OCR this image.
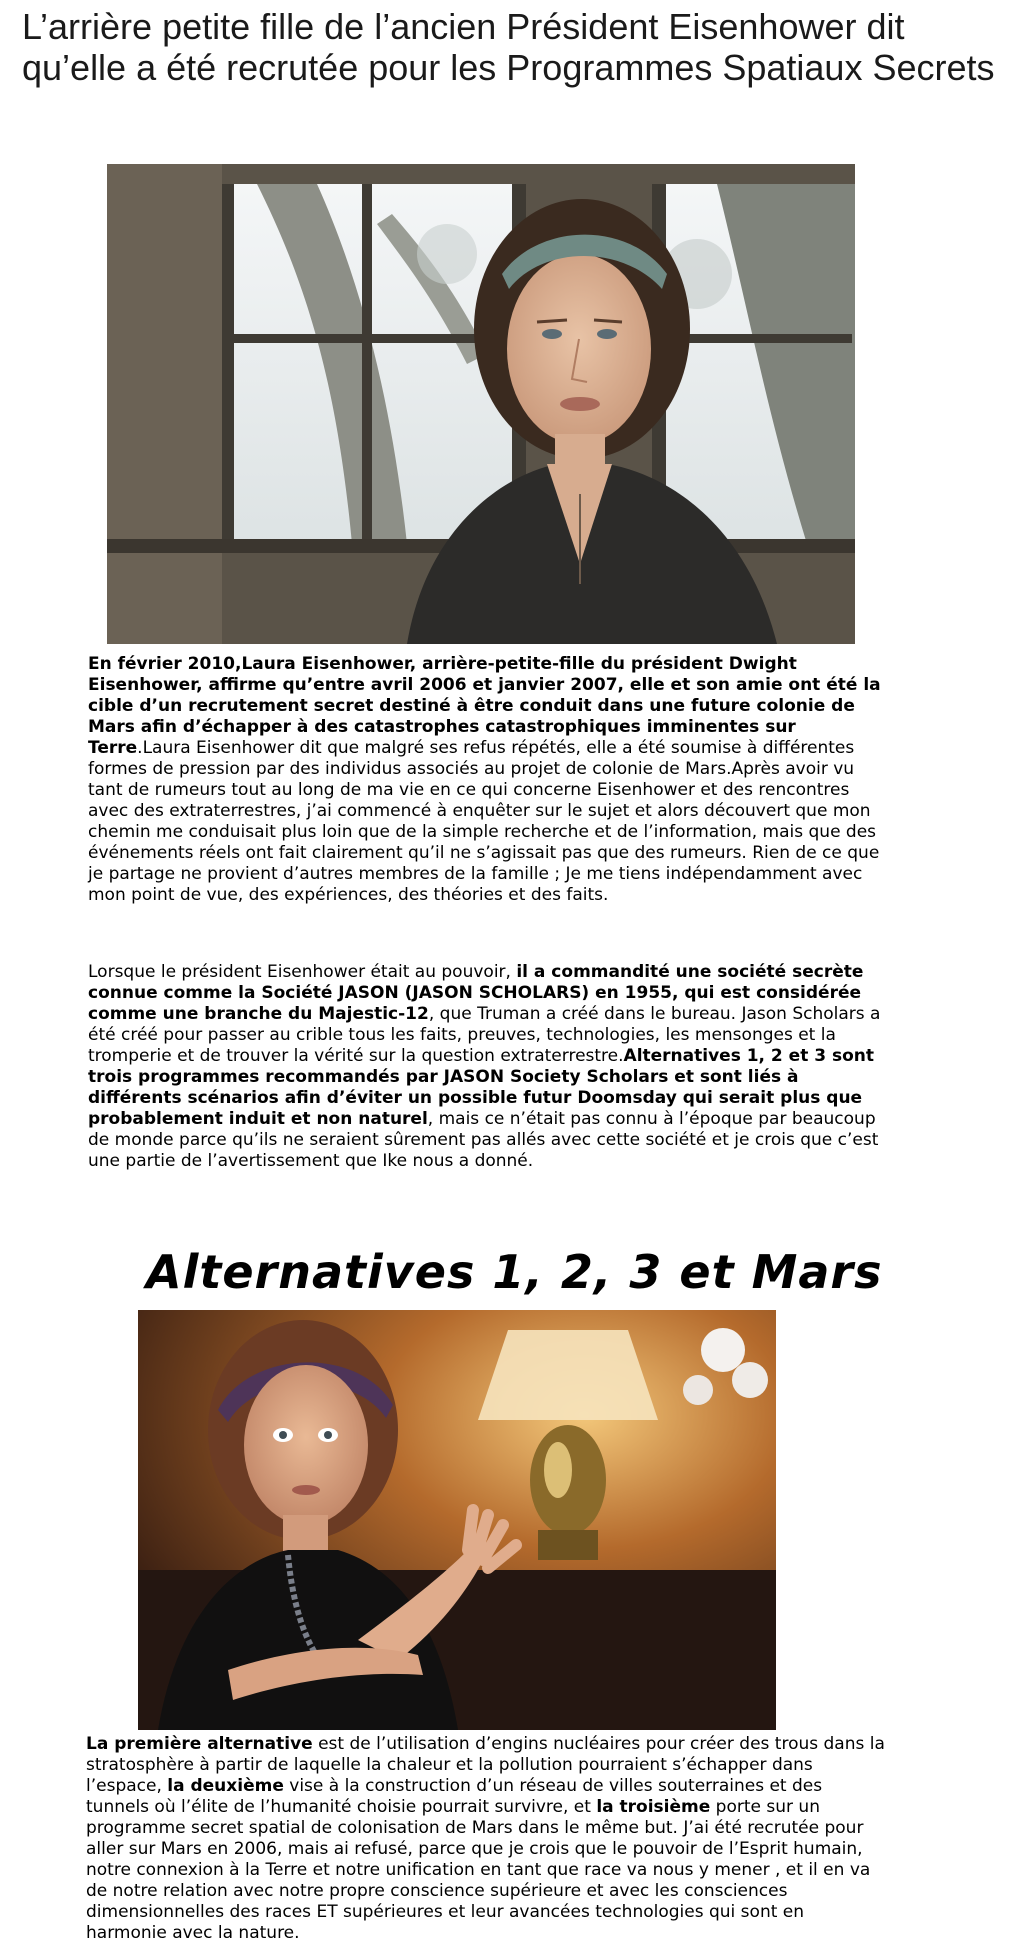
L’arrière petite fille de l’ancien Président Eisenhower dit qu’elle a été recrutée pour les Programmes Spatiaux Secrets

En février 2010,Laura Eisenhower, arrière-petite-fille du président Dwight Eisenhower, affirme qu’entre avril 2006 et janvier 2007, elle et son amie ont été la cible d’un recrutement secret destiné à être conduit dans une future colonie de Mars afin d’échapper à des catastrophes catastrophiques imminentes sur Terre.Laura Eisenhower dit que malgré ses refus répétés, elle a été soumise à différentes formes de pression par des individus associés au projet de colonie de Mars.Après avoir vu tant de rumeurs tout au long de ma vie en ce qui concerne Eisenhower et des rencontres avec des extraterrestres, j’ai commencé à enquêter sur le sujet et alors découvert que mon chemin me conduisait plus loin que de la simple recherche et de l’information, mais que des événements réels ont fait clairement qu’il ne s’agissait pas que des rumeurs. Rien de ce que je partage ne provient d’autres membres de la famille ; Je me tiens indépendamment avec mon point de vue, des expériences, des théories et des faits.

Lorsque le président Eisenhower était au pouvoir, il a commandité une société secrète connue comme la Société JASON (JASON SCHOLARS) en 1955, qui est considérée comme une branche du Majestic-12, que Truman a créé dans le bureau. Jason Scholars a été créé pour passer au crible tous les faits, preuves, technologies, les mensonges et la tromperie et de trouver la vérité sur la question extraterrestre.Alternatives 1, 2 et 3 sont trois programmes recommandés par JASON Society Scholars et sont liés à différents scénarios afin d’éviter un possible futur Doomsday qui serait plus que probablement induit et non naturel, mais ce n’était pas connu à l’époque par beaucoup de monde parce qu’ils ne seraient sûrement pas allés avec cette société et je crois que c’est une partie de l’avertissement que Ike nous a donné.

Alternatives 1, 2, 3 et Mars

La première alternative est de l’utilisation d’engins nucléaires pour créer des trous dans la stratosphère à partir de laquelle la chaleur et la pollution pourraient s’échapper dans l’espace, la deuxième vise à la construction d’un réseau de villes souterraines et des tunnels où l’élite de l’humanité choisie pourrait survivre, et la troisième porte sur un programme secret spatial de colonisation de Mars dans le même but. J’ai été recrutée pour aller sur Mars en 2006, mais ai refusé, parce que je crois que le pouvoir de l’Esprit humain, notre connexion à la Terre et notre unification en tant que race va nous y mener , et il en va de notre relation avec notre propre conscience supérieure et avec les consciences dimensionnelles des races ET supérieures et leur avancées technologies qui sont en harmonie avec la nature.
